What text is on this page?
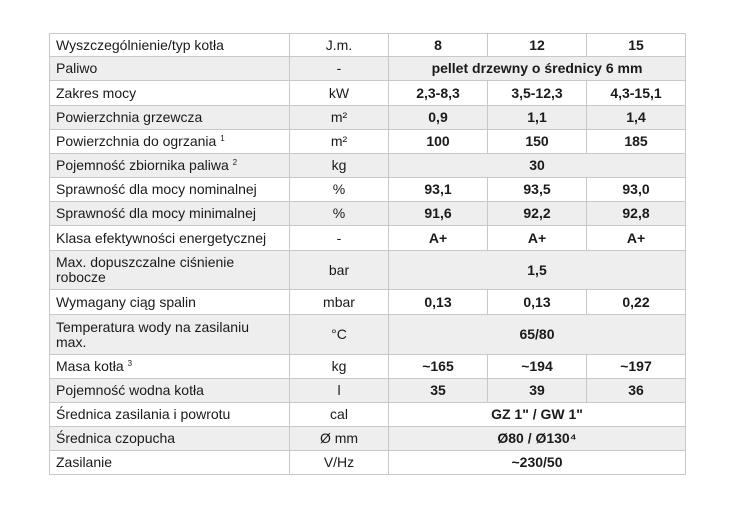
Wyszczególnienie/typ kotła	J.m.	8	12	15
Paliwo	-	pellet drzewny o średnicy 6 mm		
Zakres mocy	kW	2,3-8,3	3,5-12,3	4,3-15,1
Powierzchnia grzewcza	m²	0,9	1,1	1,4
Powierzchnia do ogrzania $^1$	m²	100	150	185
Pojemność zbiornika paliwa $^2$	kg	30		
Sprawność dla mocy nominalnej	%	93,1	93,5	93,0
Sprawność dla mocy minimalnej	%	91,6	92,2	92,8
Klasa efektywności energetycznej	-	A+	A+	A+
Max. dopuszczalne ciśnienie robocze	bar	1,5		
Wymagany ciąg spalin	mbar	0,13	0,13	0,22
Temperatura wody na zasilaniu max.	°C	65/80		
Masa kotła $^3$	kg	~165	~194	~197
Pojemność wodna kotła	l	35	39	36
Średnica zasilania i powrotu	cal	GZ 1" / GW 1"		
Średnica czopucha	Ø mm	Ø80 / Ø130⁴		
Zasilanie	V/Hz	~230/50		
